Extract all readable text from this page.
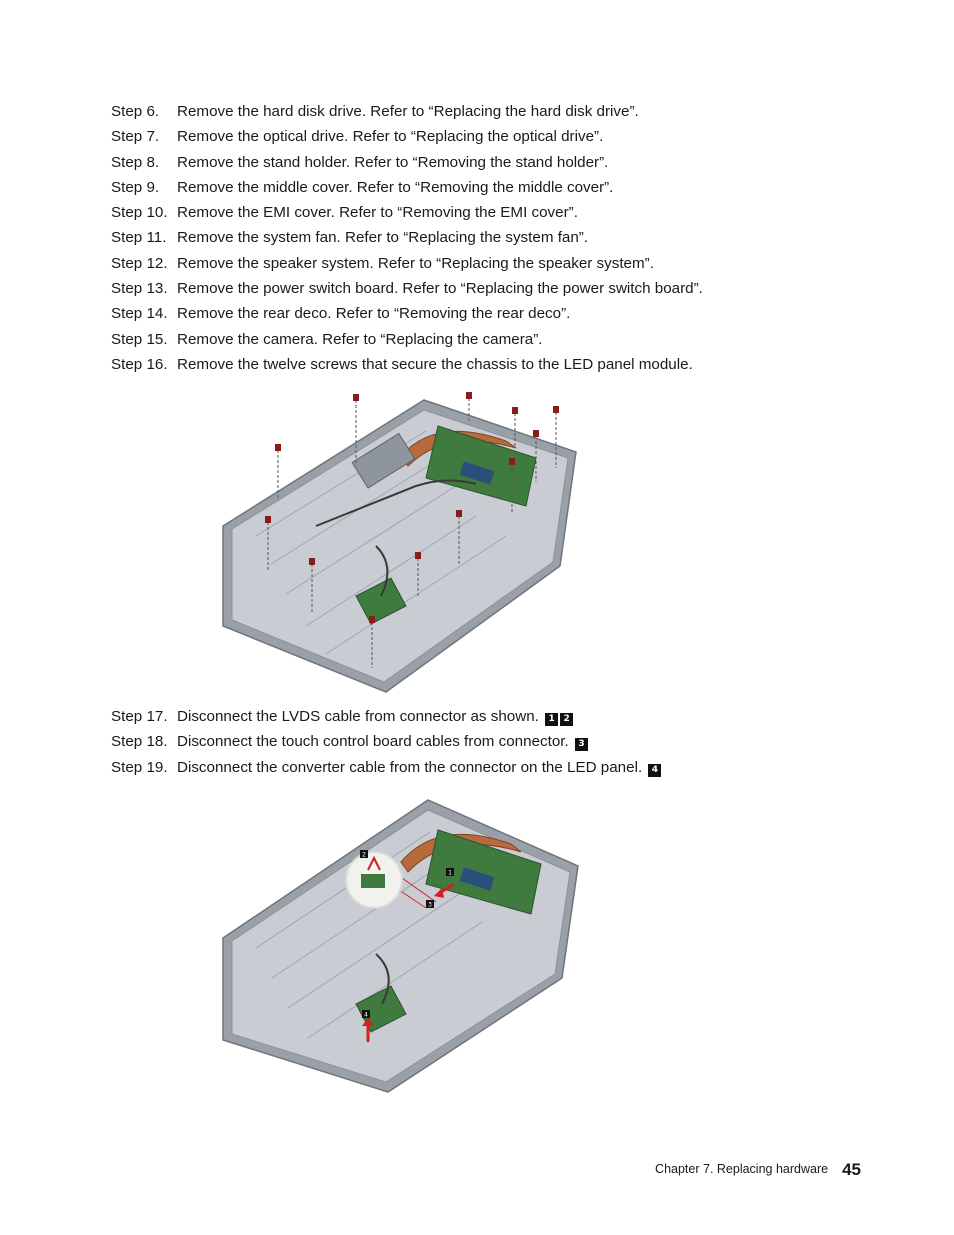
Step 6. Remove the hard disk drive. Refer to “Replacing the hard disk drive”.
Step 7. Remove the optical drive. Refer to “Replacing the optical drive”.
Step 8. Remove the stand holder. Refer to “Removing the stand holder”.
Step 9. Remove the middle cover. Refer to “Removing the middle cover”.
Step 10. Remove the EMI cover. Refer to “Removing the EMI cover”.
Step 11. Remove the system fan. Refer to “Replacing the system fan”.
Step 12. Remove the speaker system. Refer to “Replacing the speaker system”.
Step 13. Remove the power switch board. Refer to “Replacing the power switch board”.
Step 14. Remove the rear deco. Refer to “Removing the rear deco”.
Step 15. Remove the camera. Refer to “Replacing the camera”.
Step 16. Remove the twelve screws that secure the chassis to the LED panel module.
Step 17. Disconnect the LVDS cable from connector as shown. 1 2
Step 18. Disconnect the touch control board cables from connector. 3
Step 19. Disconnect the converter cable from the connector on the LED panel. 4
1
2
3
4
Chapter 7. Replacing hardware 45
